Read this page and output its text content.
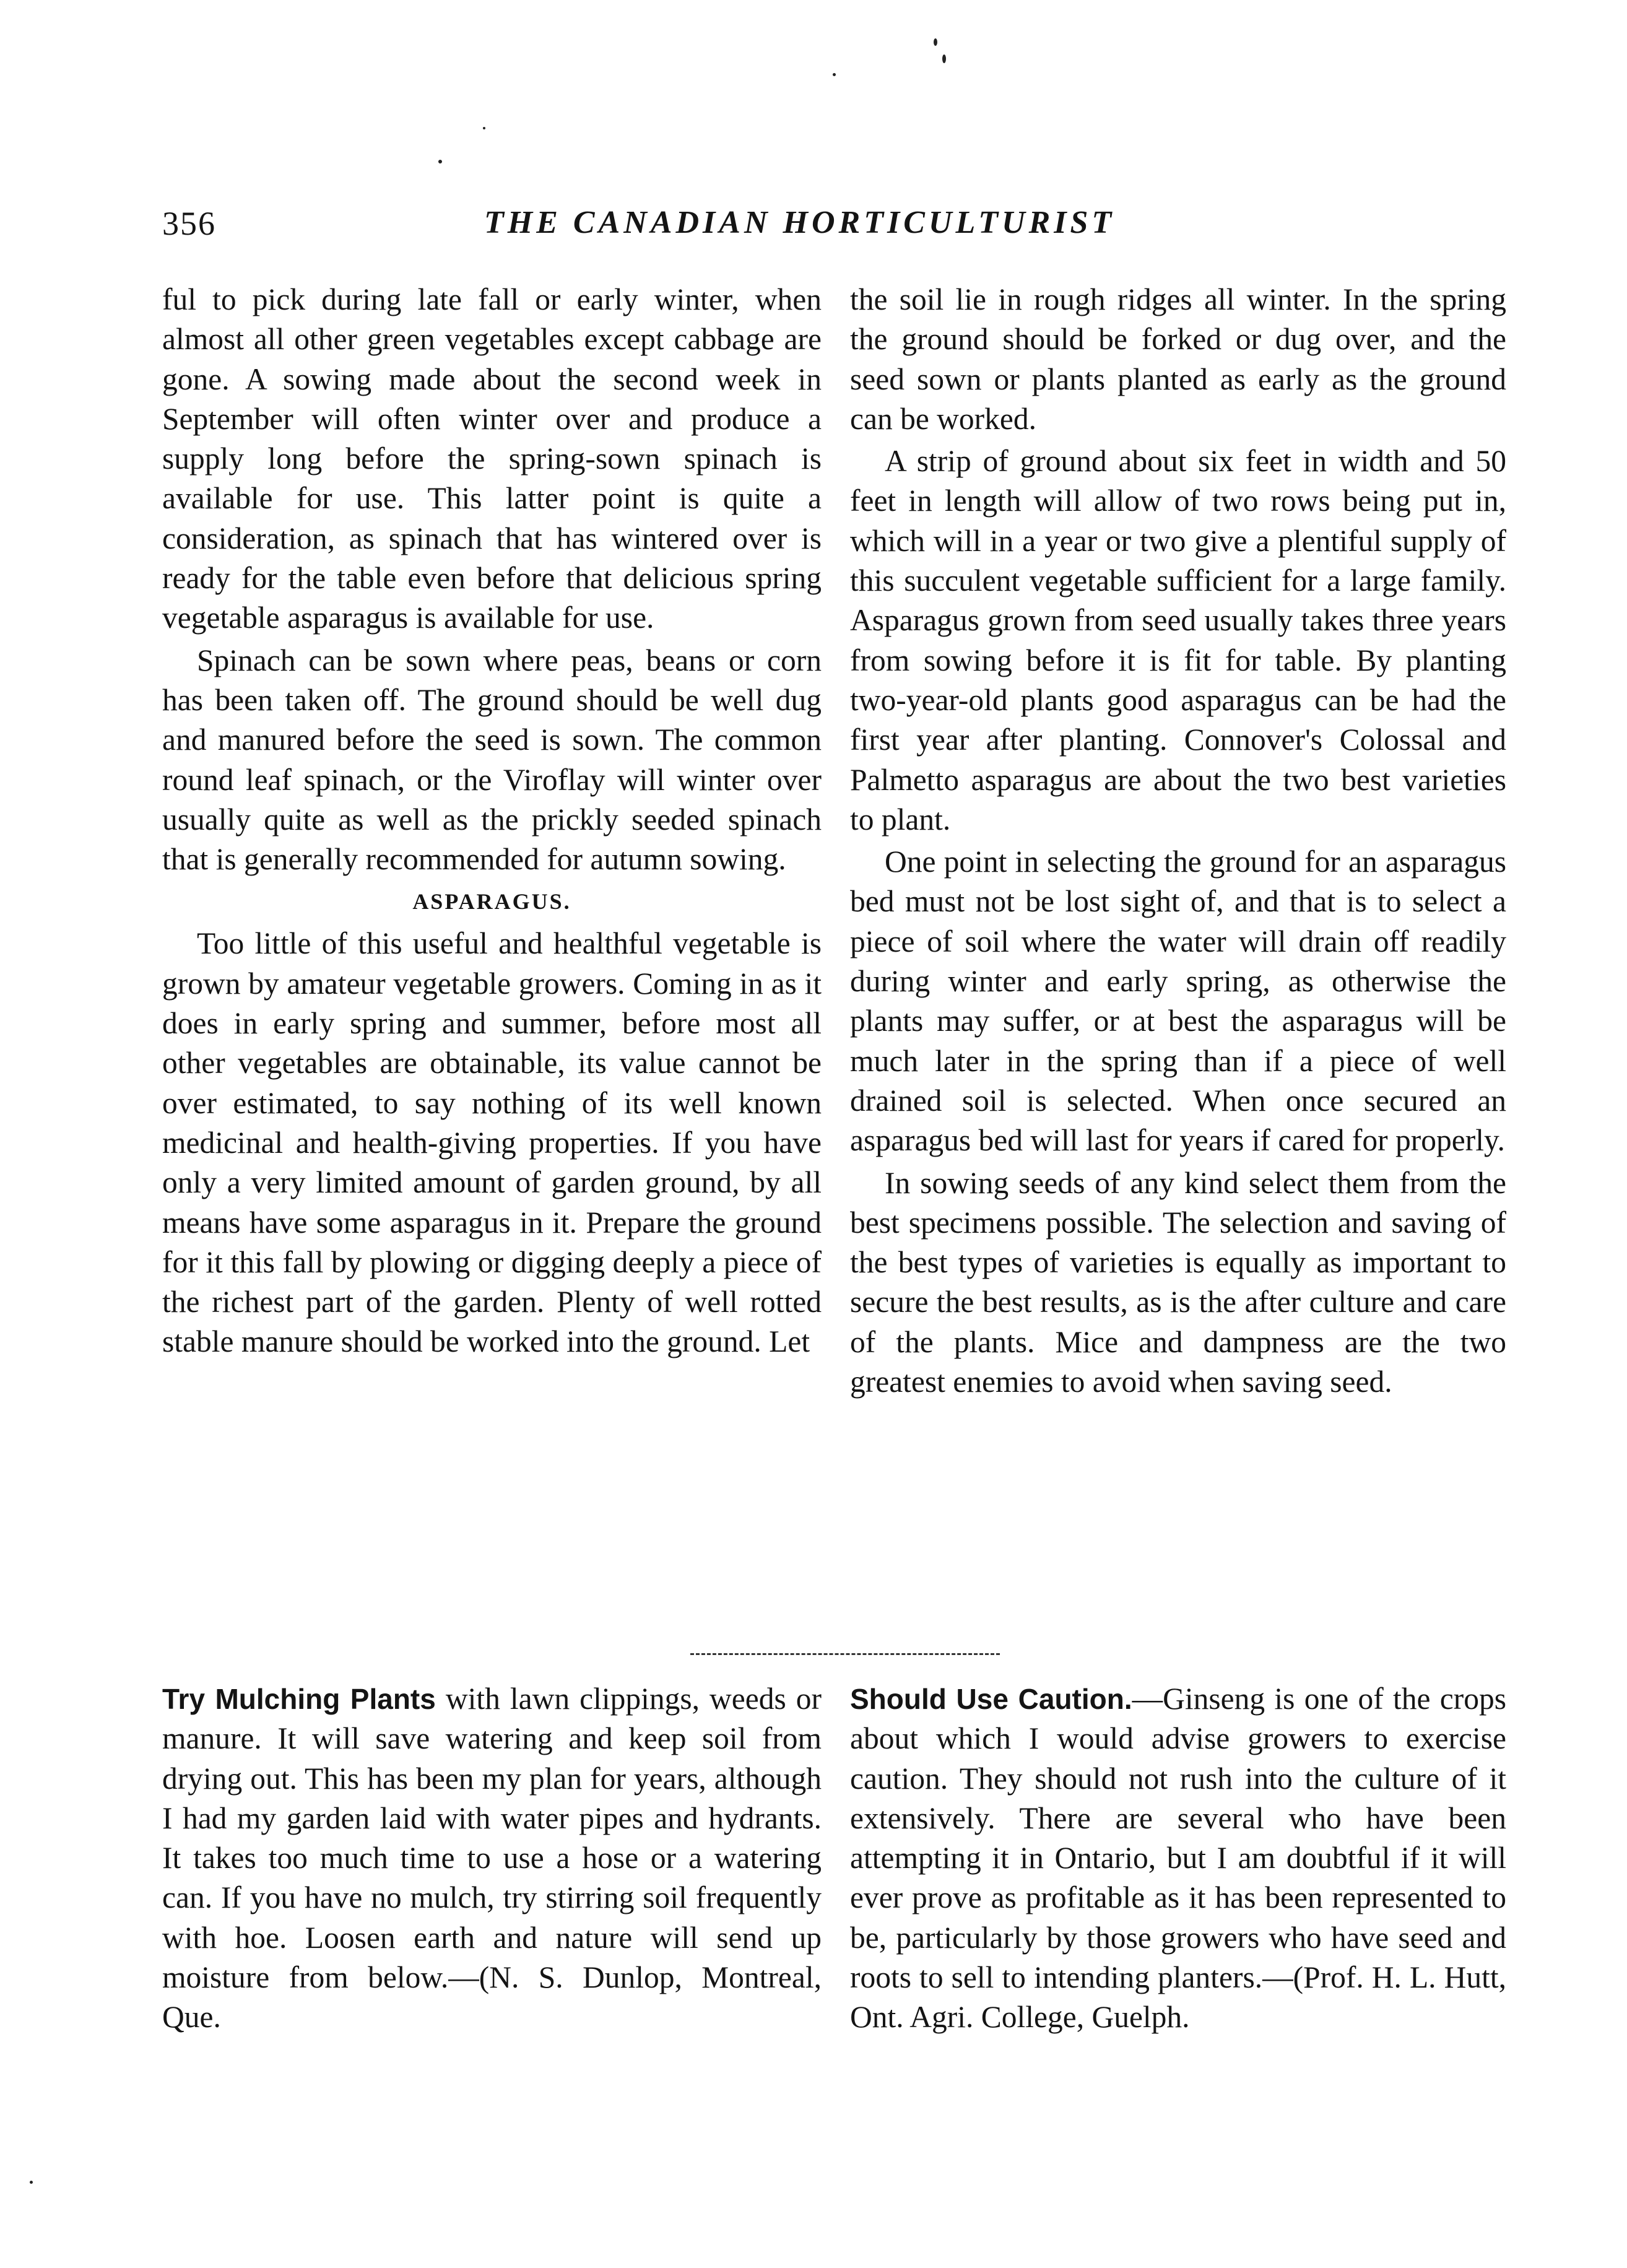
356	THE CANADIAN HORTICULTURIST

ful to pick during late fall or early winter, when almost all other green vegetables except cabbage are gone. A sowing made about the second week in September will often winter over and produce a supply long before the spring-sown spinach is available for use. This latter point is quite a consideration, as spinach that has wintered over is ready for the table even before that delicious spring vegetable asparagus is available for use.

Spinach can be sown where peas, beans or corn has been taken off. The ground should be well dug and manured before the seed is sown. The common round leaf spinach, or the Viroflay will winter over usually quite as well as the prickly seeded spinach that is generally recommended for autumn sowing.

ASPARAGUS.

Too little of this useful and healthful vegetable is grown by amateur vegetable growers. Coming in as it does in early spring and summer, before most all other vegetables are obtainable, its value cannot be over estimated, to say nothing of its well known medicinal and health-giving properties. If you have only a very limited amount of garden ground, by all means have some asparagus in it. Prepare the ground for it this fall by plowing or digging deeply a piece of the richest part of the garden. Plenty of well rotted stable manure should be worked into the ground. Let

the soil lie in rough ridges all winter. In the spring the ground should be forked or dug over, and the seed sown or plants planted as early as the ground can be worked.

A strip of ground about six feet in width and 50 feet in length will allow of two rows being put in, which will in a year or two give a plentiful supply of this succulent vegetable sufficient for a large family. Asparagus grown from seed usually takes three years from sowing before it is fit for table. By planting two-year-old plants good asparagus can be had the first year after planting. Connover's Colossal and Palmetto asparagus are about the two best varieties to plant.

One point in selecting the ground for an asparagus bed must not be lost sight of, and that is to select a piece of soil where the water will drain off readily during winter and early spring, as otherwise the plants may suffer, or at best the asparagus will be much later in the spring than if a piece of well drained soil is selected. When once secured an asparagus bed will last for years if cared for properly.

In sowing seeds of any kind select them from the best specimens possible. The selection and saving of the best types of varieties is equally as important to secure the best results, as is the after culture and care of the plants. Mice and dampness are the two greatest enemies to avoid when saving seed.

Try Mulching Plants with lawn clippings, weeds or manure. It will save watering and keep soil from drying out. This has been my plan for years, although I had my garden laid with water pipes and hydrants. It takes too much time to use a hose or a watering can. If you have no mulch, try stirring soil frequently with hoe. Loosen earth and nature will send up moisture from below.—(N. S. Dunlop, Montreal, Que.

Should Use Caution.—Ginseng is one of the crops about which I would advise growers to exercise caution. They should not rush into the culture of it extensively. There are several who have been attempting it in Ontario, but I am doubtful if it will ever prove as profitable as it has been represented to be, particularly by those growers who have seed and roots to sell to intending planters.—(Prof. H. L. Hutt, Ont. Agri. College, Guelph.
